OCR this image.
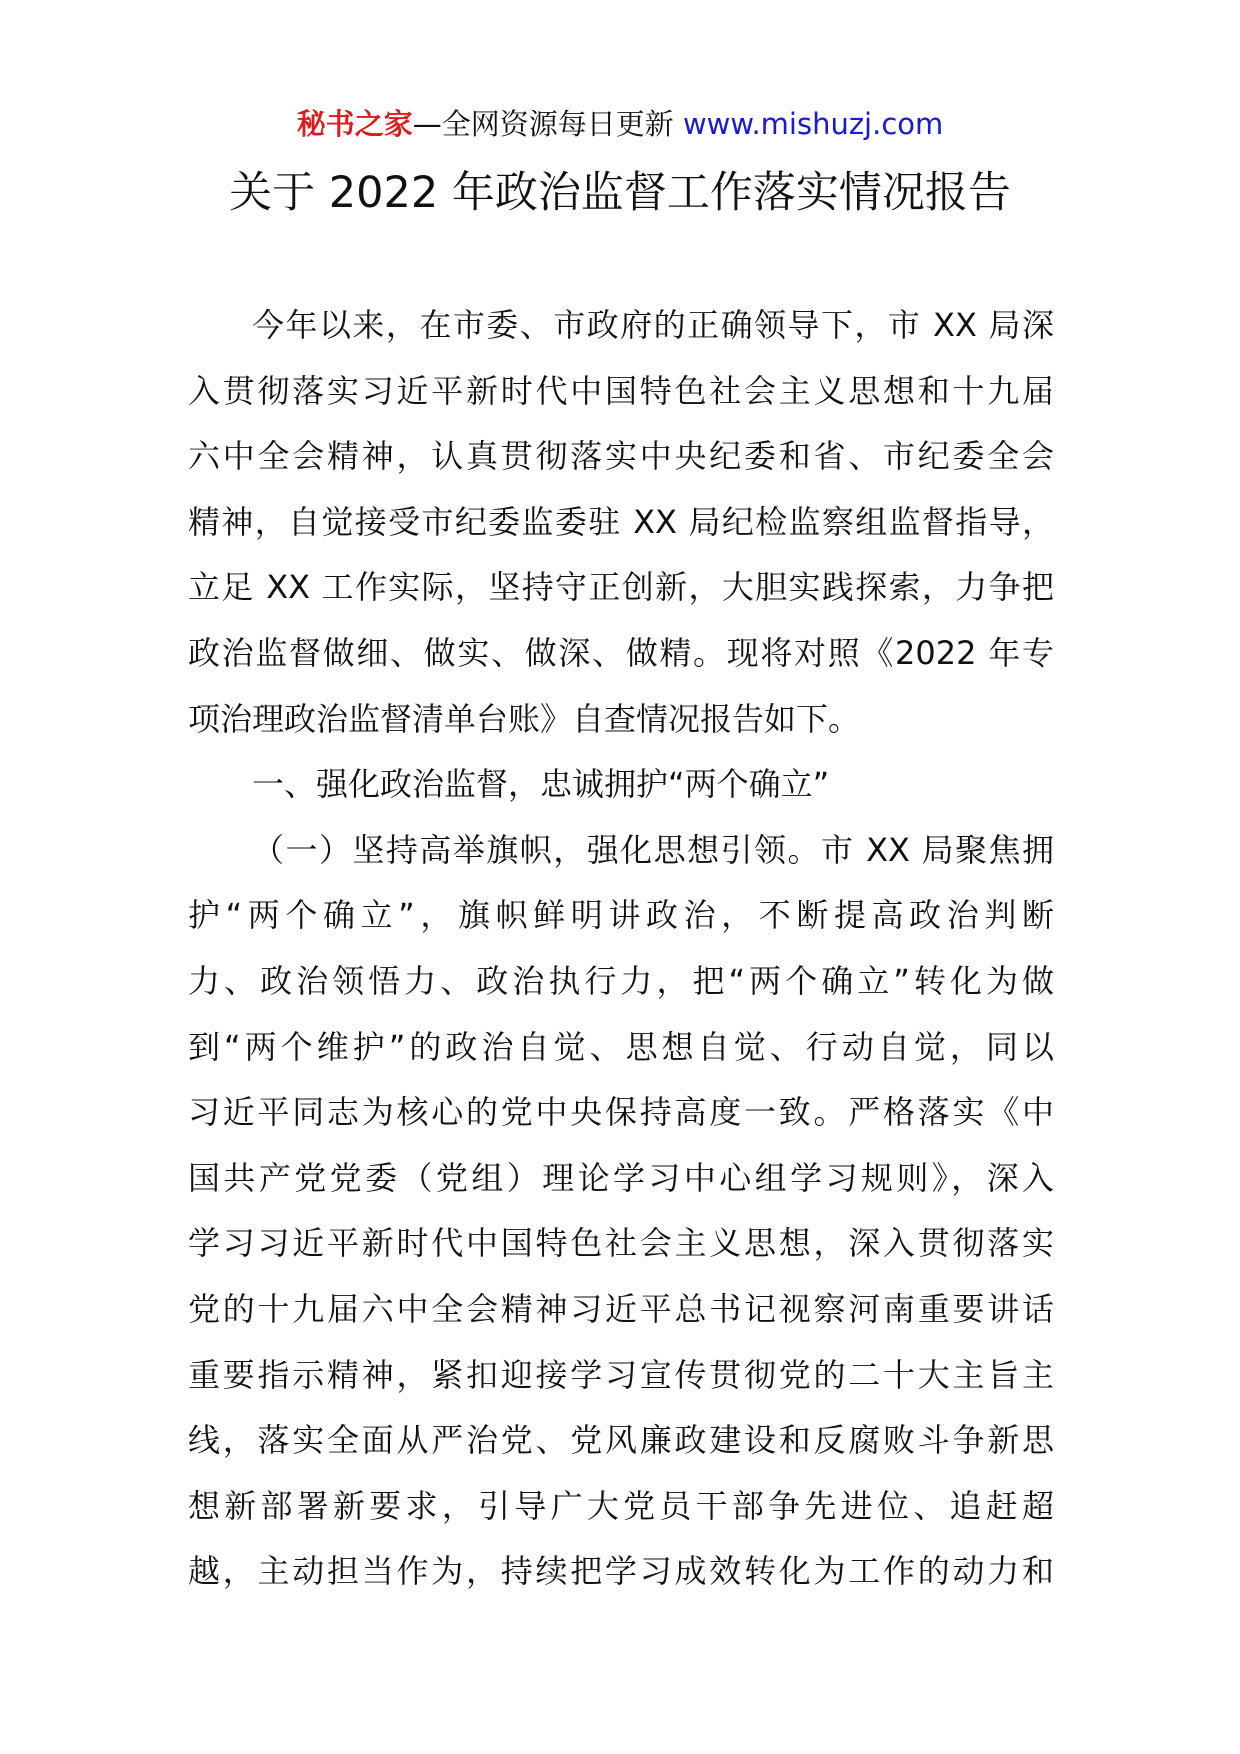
秘书之家—全网资源每日更新 www.mishuzj.com
关于 2022 年政治监督工作落实情况报告
今年以来，在市委、市政府的正确领导下，市 XX 局深
入贯彻落实习近平新时代中国特色社会主义思想和十九届
六中全会精神，认真贯彻落实中央纪委和省、市纪委全会
精神，自觉接受市纪委监委驻 XX 局纪检监察组监督指导，
立足 XX 工作实际，坚持守正创新，大胆实践探索，力争把
政治监督做细、做实、做深、做精。现将对照《2022 年专
项治理政治监督清单台账》自查情况报告如下。
一、强化政治监督，忠诚拥护“两个确立”
（一）坚持高举旗帜，强化思想引领。市 XX 局聚焦拥
护“两个确立”，旗帜鲜明讲政治，不断提高政治判断
力、政治领悟力、政治执行力，把“两个确立”转化为做
到“两个维护”的政治自觉、思想自觉、行动自觉，同以
习近平同志为核心的党中央保持高度一致。严格落实《中
国共产党党委（党组）理论学习中心组学习规则》，深入
学习习近平新时代中国特色社会主义思想，深入贯彻落实
党的十九届六中全会精神习近平总书记视察河南重要讲话
重要指示精神，紧扣迎接学习宣传贯彻党的二十大主旨主
线，落实全面从严治党、党风廉政建设和反腐败斗争新思
想新部署新要求，引导广大党员干部争先进位、追赶超
越，主动担当作为，持续把学习成效转化为工作的动力和
